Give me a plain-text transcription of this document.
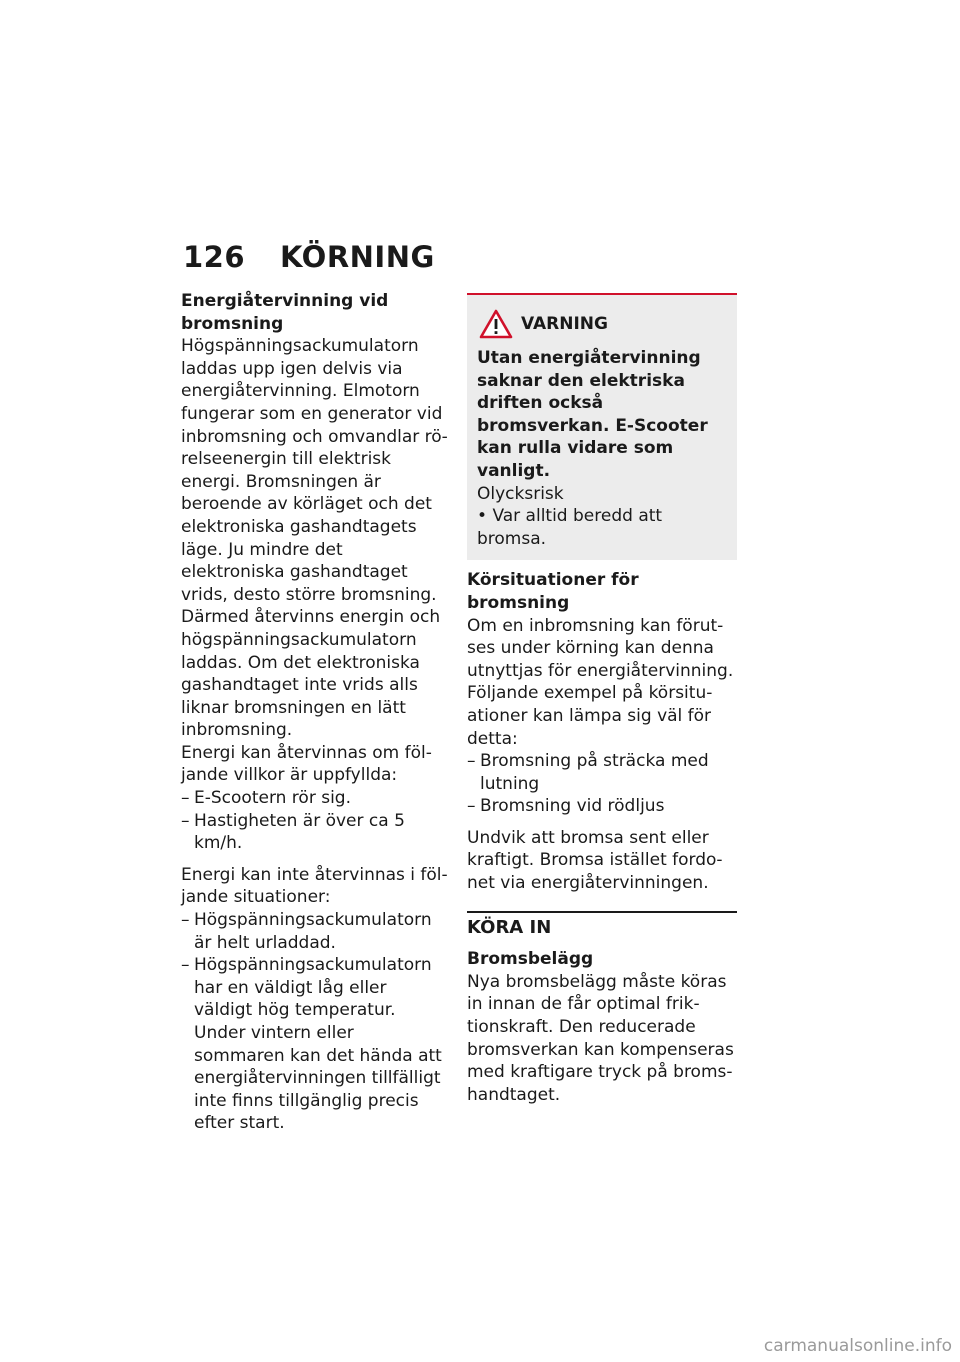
126 KÖRNING

Energiåtervinning vid bromsning

Högspänningsackumulatorn laddas upp igen delvis via energiåtervinning. Elmotorn fungerar som en generator vid inbromsning och omvandlar rörelseenergin till elektrisk energi. Bromsningen är beroende av körläget och det elektroniska gashandtagets läge. Ju mindre det elektroniska gashandtaget vrids, desto större bromsning. Därmed återvinns energin och högspänningsackumulatorn laddas. Om det elektroniska gashandtaget inte vrids alls liknar bromsningen en lätt inbromsning.

Energi kan återvinnas om följande villkor är uppfyllda:

– E-Scootern rör sig.

– Hastigheten är över ca 5 km/h.

Energi kan inte återvinnas i följande situationer:

– Högspänningsackumulatorn är helt urladdad.

– Högspänningsackumulatorn har en väldigt låg eller väldigt hög temperatur. Under vintern eller sommaren kan det hända att energiåtervinningen tillfälligt inte finns tillgänglig precis efter start.

VARNING

Utan energiåtervinning saknar den elektriska driften också bromsverkan. E-Scooter kan rulla vidare som vanligt.

Olycksrisk

• Var alltid beredd att bromsa.

Körsituationer för bromsning

Om en inbromsning kan förutses under körning kan denna utnyttjas för energiåtervinning. Följande exempel på körsituationer kan lämpa sig väl för detta:

– Bromsning på sträcka med lutning

– Bromsning vid rödljus

Undvik att bromsa sent eller kraftigt. Bromsa istället fordonet via energiåtervinningen.

KÖRA IN

Bromsbelägg

Nya bromsbelägg måste köras in innan de får optimal friktionskraft. Den reducerade bromsverkan kan kompenseras med kraftigare tryck på bromshandtaget.

carmanualsonline.info
